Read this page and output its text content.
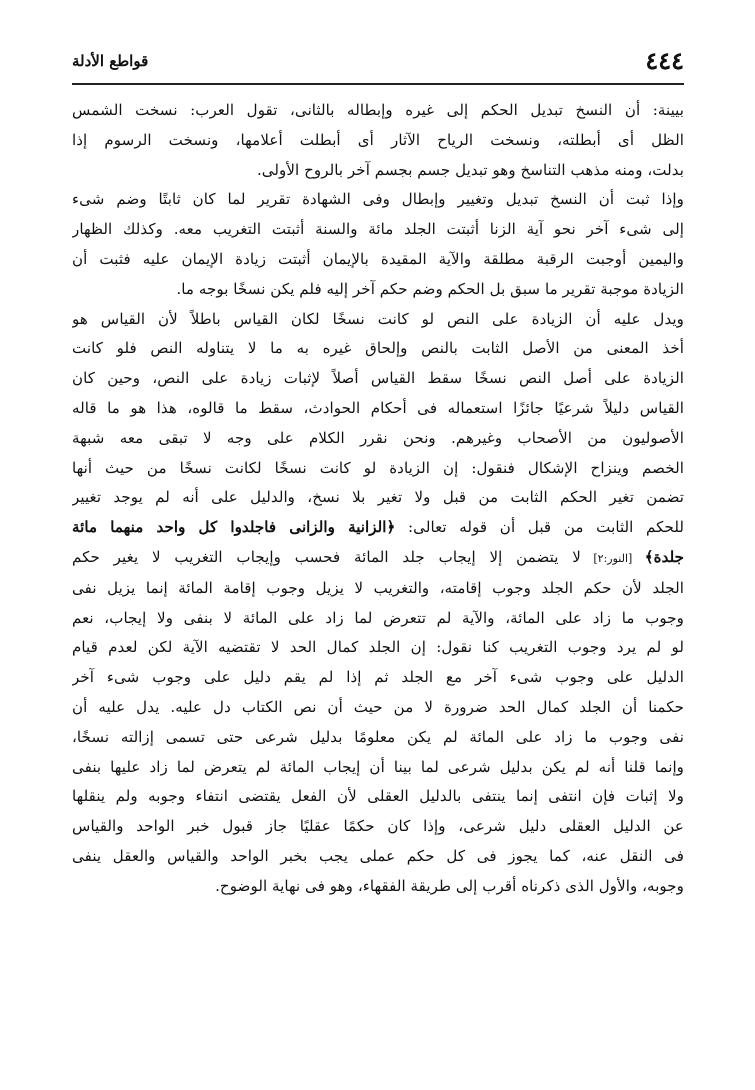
٤٤٤
قواطع الأدلة
بيينة: أن النسخ تبديل الحكم إلى غيره وإبطاله بالثانى، تقول العرب: نسخت الشمس
الظل أى أبطلته، ونسخت الرياح الآثار أى أبطلت أعلامها، ونسخت الرسوم إذا
بدلت، ومنه مذهب التناسخ وهو تبديل جسم بجسم آخر بالروح الأولى.
وإذا ثبت أن النسخ تبديل وتغيير وإبطال وفى الشهادة تقرير لما كان ثابتًا وضم شىء
إلى شىء آخر نحو آية الزنا أثبتت الجلد مائة والسنة أثبتت التغريب معه. وكذلك الظهار
واليمين أوجبت الرقبة مطلقة والآية المقيدة بالإيمان أثبتت زيادة الإيمان عليه فثبت أن
الزيادة موجبة تقرير ما سبق بل الحكم وضم حكم آخر إليه فلم يكن نسخًا بوجه ما.
ويدل عليه أن الزيادة على النص لو كانت نسخًا لكان القياس باطلاً لأن القياس هو
أخذ المعنى من الأصل الثابت بالنص وإلحاق غيره به ما لا يتناوله النص فلو كانت
الزيادة على أصل النص نسخًا سقط القياس أصلاً لإثبات زيادة على النص، وحين كان
القياس دليلاً شرعيًا جائزًا استعماله فى أحكام الحوادث، سقط ما قالوه، هذا هو ما قاله
الأصوليون من الأصحاب وغيرهم. ونحن نقرر الكلام على وجه لا تبقى معه شبهة
الخصم وينزاح الإشكال فنقول: إن الزيادة لو كانت نسخًا لكانت نسخًا من حيث أنها
تضمن تغير الحكم الثابت من قبل ولا تغير بلا نسخ، والدليل على أنه لم يوجد تغيير
للحكم الثابت من قبل أن قوله تعالى: ﴿الزانية والزانى فاجلدوا كل واحد منهما مائة
جلدة﴾ [النور:٢] لا يتضمن إلا إيجاب جلد المائة فحسب وإيجاب التغريب لا يغير حكم
الجلد لأن حكم الجلد وجوب إقامته، والتغريب لا يزيل وجوب إقامة المائة إنما يزيل نفى
وجوب ما زاد على المائة، والآية لم تتعرض لما زاد على المائة لا بنفى ولا إيجاب، نعم
لو لم يرد وجوب التغريب كنا نقول: إن الجلد كمال الحد لا تقتضيه الآية لكن لعدم قيام
الدليل على وجوب شىء آخر مع الجلد ثم إذا لم يقم دليل على وجوب شىء آخر
حكمنا أن الجلد كمال الحد ضرورة لا من حيث أن نص الكتاب دل عليه. يدل عليه أن
نفى وجوب ما زاد على المائة لم يكن معلومًا بدليل شرعى حتى تسمى إزالته نسخًا،
وإنما قلنا أنه لم يكن بدليل شرعى لما بينا أن إيجاب المائة لم يتعرض لما زاد عليها بنفى
ولا إثبات فإن انتفى إنما ينتفى بالدليل العقلى لأن الفعل يقتضى انتفاء وجوبه ولم ينقلها
عن الدليل العقلى دليل شرعى، وإذا كان حكمًا عقليًا جاز قبول خبر الواحد والقياس
فى النقل عنه، كما يجوز فى كل حكم عملى يجب بخبر الواحد والقياس والعقل ينفى
وجوبه، والأول الذى ذكرناه أقرب إلى طريقة الفقهاء، وهو فى نهاية الوضوح.
